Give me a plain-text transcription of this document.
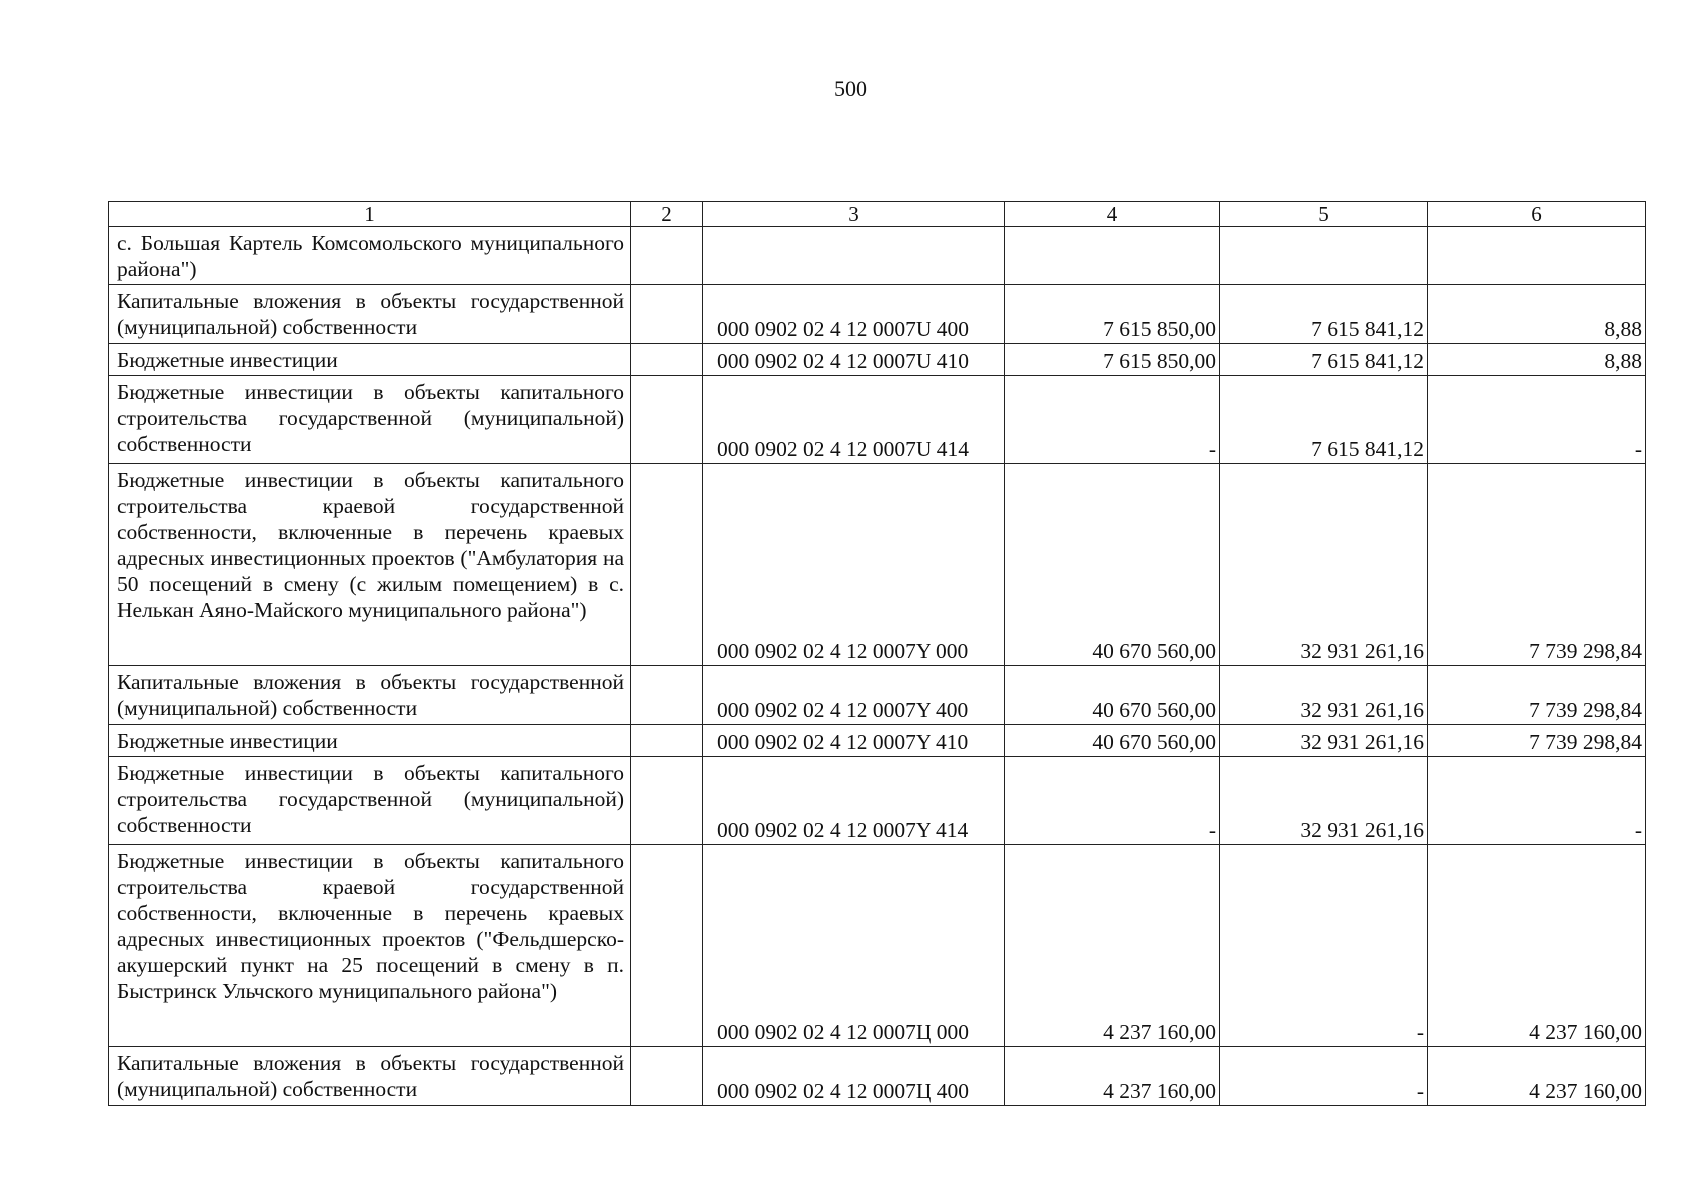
500
1	2	3	4	5	6
с. Большая Картель Комсомольского муниципального района")					
Капитальные вложения в объекты государственной (муниципальной) собственности		000 0902 02 4 12 0007U 400	7 615 850,00	7 615 841,12	8,88
Бюджетные инвестиции		000 0902 02 4 12 0007U 410	7 615 850,00	7 615 841,12	8,88
Бюджетные инвестиции в объекты капитального строительства государственной (муниципальной) собственности		000 0902 02 4 12 0007U 414	-	7 615 841,12	-
Бюджетные инвестиции в объекты капитального строительства краевой государственной собственности, включенные в перечень краевых адресных инвестиционных проектов ("Амбулатория на 50 посещений в смену (с жилым помещением) в с. Нелькан Аяно-Майского муниципального района")		000 0902 02 4 12 0007Y 000	40 670 560,00	32 931 261,16	7 739 298,84
Капитальные вложения в объекты государственной (муниципальной) собственности		000 0902 02 4 12 0007Y 400	40 670 560,00	32 931 261,16	7 739 298,84
Бюджетные инвестиции		000 0902 02 4 12 0007Y 410	40 670 560,00	32 931 261,16	7 739 298,84
Бюджетные инвестиции в объекты капитального строительства государственной (муниципальной) собственности		000 0902 02 4 12 0007Y 414	-	32 931 261,16	-
Бюджетные инвестиции в объекты капитального строительства краевой государственной собственности, включенные в перечень краевых адресных инвестиционных проектов ("Фельдшерско-акушерский пункт на 25 посещений в смену в п. Быстринск Ульчского муниципального района")		000 0902 02 4 12 0007Ц 000	4 237 160,00	-	4 237 160,00
Капитальные вложения в объекты государственной (муниципальной) собственности		000 0902 02 4 12 0007Ц 400	4 237 160,00	-	4 237 160,00
